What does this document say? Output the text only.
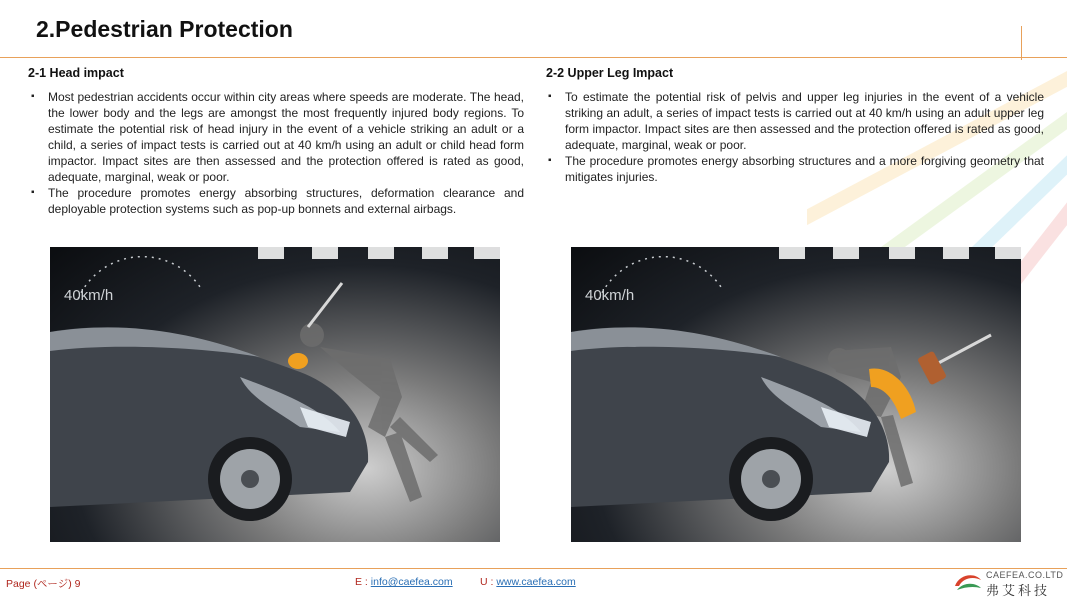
2.Pedestrian Protection
2-1 Head impact
▪ Most pedestrian accidents occur within city areas where speeds are moderate. The head, the lower body and the legs are amongst the most frequently injured body regions. To estimate the potential risk of head injury in the event of a vehicle striking an adult or a child, a series of impact tests is carried out at 40 km/h using an adult or child head form impactor. Impact sites are then assessed and the protection offered is rated as good, adequate, marginal, weak or poor.
▪ The procedure promotes energy absorbing structures, deformation clearance and deployable protection systems such as pop-up bonnets and external airbags.
2-2 Upper Leg Impact
▪ To estimate the potential risk of pelvis and upper leg injuries in the event of a vehicle striking an adult, a series of impact tests is carried out at 40 km/h using an adult upper leg form impactor. Impact sites are then assessed and the protection offered is rated as good, adequate, marginal, weak or poor.
▪ The procedure promotes energy absorbing structures and a more forgiving geometry that mitigates injuries.
40km/h	40km/h
Page (ページ) 9	E : info@caefea.com	U : www.caefea.com
CAEFEA.CO.LTD
弗艾科技
